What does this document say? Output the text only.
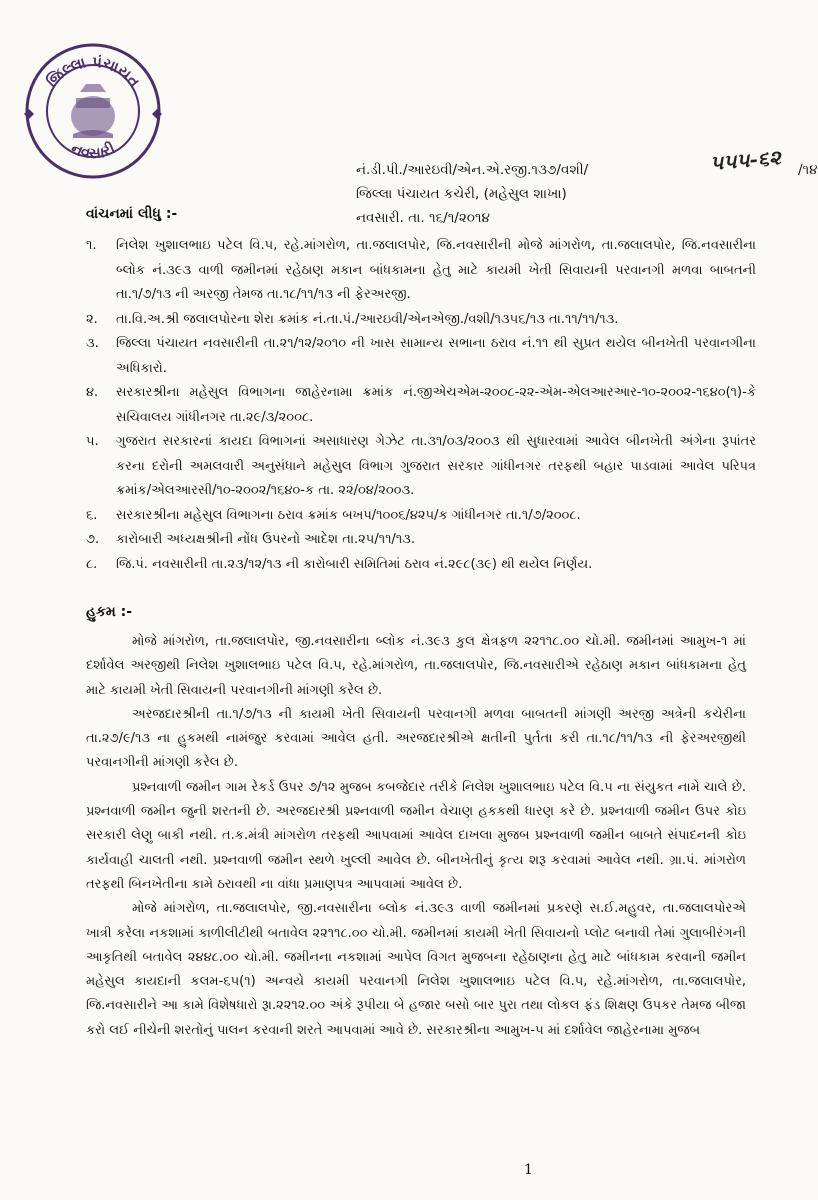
જિલ્લા પંચાયત
નવસારી
નં.ડી.પી./આરઇવી/એન.એ.રજી.૧૩૭/વશી/	૫૫૫-૬૨ /૧૪
જિલ્લા પંચાયત કચેરી, (મહેસુલ શાખા)
નવસારી. તા. ૧૬/૧/૨૦૧૪
વાંચનમાં લીધુ :-
૧.	નિલેશ ખુશાલભાઇ પટેલ વિ.૫, રહે.માંગરોળ, તા.જલાલપોર, જિ.નવસારીની મોજે માંગરોળ, તા.જલાલપોર, જિ.નવસારીના બ્લોક નં.૩૯૩ વાળી જમીનમાં રહેઠાણ મકાન બાંધકામના હેતુ માટે કાયમી ખેતી સિવાયની પરવાનગી મળવા બાબતની તા.૧/૭/૧૩ ની અરજી તેમજ તા.૧૮/૧૧/૧૩ ની ફેરઅરજી.
૨.	તા.વિ.અ.શ્રી જલાલપોરના શેરા ક્રમાંક નં.તા.પં./આરઇવી/એનએજી./વશી/૧૩૫૬/૧૩ તા.૧૧/૧૧/૧૩.
૩.	જિલ્લા પંચાયત નવસારીની તા.૨૧/૧૨/૨૦૧૦ ની ખાસ સામાન્ય સભાના ઠરાવ નં.૧૧ થી સુપ્રત થયેલ બીનખેતી પરવાનગીના અધિકારો.
૪.	સરકારશ્રીના મહેસુલ વિભાગના જાહેરનામા ક્રમાંક નં.જીએચએમ-૨૦૦૮-૨૨-એમ-એલઆરઆર-૧૦-૨૦૦૨-૧૬૪૦(૧)-કે સચિવાલય ગાંધીનગર તા.૨૯/૩/૨૦૦૮.
૫.	ગુજરાત સરકારનાં કાયદા વિભાગનાં અસાધારણ ગેઝેટ તા.૩૧/૦૩/૨૦૦૩ થી સુધારવામાં આવેલ બીનખેતી અંગેના રૂપાંતર કરના દરોની અમલવારી અનુસંધાને મહેસુલ વિભાગ ગુજરાત સરકાર ગાંધીનગર તરફથી બહાર પાડવામાં આવેલ પરિપત્ર ક્રમાંક/એલઆરસી/૧૦-૨૦૦૨/૧૬૪૦-ક તા. ૨૨/૦૪/૨૦૦૩.
૬.	સરકારશ્રીના મહેસુલ વિભાગના ઠરાવ ક્રમાંક બખપ/૧૦૦૬/૪૨૫/ક ગાંધીનગર તા.૧/૭/૨૦૦૮.
૭.	કારોબારી અધ્યક્ષશ્રીની નોંધ ઉપરનો આદેશ તા.૨૫/૧૧/૧૩.
૮.	જિ.પં. નવસારીની તા.૨૩/૧૨/૧૩ ની કારોબારી સમિતિમાં ઠરાવ નં.૨૯૮(૩૯) થી થયેલ નિર્ણય.
હુકમ :-

મોજે માંગરોળ, તા.જલાલપોર, જી.નવસારીના બ્લોક નં.૩૯૩ કુલ ક્ષેત્રફળ ૨૨૧૧૮.૦૦ ચો.મી. જમીનમાં આમુખ-૧ માં દર્શાવેલ અરજીથી નિલેશ ખુશાલભાઇ પટેલ વિ.૫, રહે.માંગરોળ, તા.જલાલપોર, જિ.નવસારીએ રહેઠાણ મકાન બાંધકામના હેતુ માટે કાયમી ખેતી સિવાયની પરવાનગીની માંગણી કરેલ છે.

અરજદારશ્રીની તા.૧/૭/૧૩ ની કાયમી ખેતી સિવાયની પરવાનગી મળવા બાબતની માંગણી અરજી અત્રેની કચેરીના તા.૨૭/૯/૧૩ ના હુકમથી નામંજુર કરવામાં આવેલ હતી. અરજદારશ્રીએ ક્ષતીની પુર્તતા કરી તા.૧૮/૧૧/૧૩ ની ફેરઅરજીથી પરવાનગીની માંગણી કરેલ છે.

પ્રશ્નવાળી જમીન ગામ રેકર્ડ ઉપર ૭/૧૨ મુજબ કબજેદાર તરીકે નિલેશ ખુશાલભાઇ પટેલ વિ.૫ ના સંયુકત નામે ચાલે છે. પ્રશ્નવાળી જમીન જુની શરતની છે. અરજદારશ્રી પ્રશ્નવાળી જમીન વેચાણ હકકથી ધારણ કરે છે. પ્રશ્નવાળી જમીન ઉપર કોઇ સરકારી લેણુ બાકી નથી. ત.ક.મંત્રી માંગરોળ તરફથી આપવામાં આવેલ દાખલા મુજબ પ્રશ્નવાળી જમીન બાબતે સંપાદનની કોઇ કાર્યવાહી ચાલતી નથી. પ્રશ્નવાળી જમીન સ્થળે ખુલ્લી આવેલ છે. બીનખેતીનું કૃત્ય શરૂ કરવામાં આવેલ નથી. ગ્રા.પં. માંગરોળ તરફથી બિનખેતીના કામે ઠરાવથી ના વાંધા પ્રમાણપત્ર આપવામાં આવેલ છે.

મોજે માંગરોળ, તા.જલાલપોર, જી.નવસારીના બ્લોક નં.૩૯૩ વાળી જમીનમાં પ્રકરણે સ.ઈ.મહુવર, તા.જલાલપોરએ ખાત્રી કરેલા નકશામાં કાળીલીટીથી બતાવેલ ૨૨૧૧૮.૦૦ ચો.મી. જમીનમાં કાયમી ખેતી સિવાયનો પ્લોટ બનાવી તેમાં ગુલાબીરંગની આકૃતિથી બતાવેલ ૨૪૪૮.૦૦ ચો.મી. જમીનના નકશામાં આપેલ વિગત મુજબના રહેઠાણના હેતુ માટે બાંધકામ કરવાની જમીન મહેસુલ કાયદાની કલમ-૬૫(૧) અન્વયે કાયમી પરવાનગી નિલેશ ખુશાલભાઇ પટેલ વિ.૫, રહે.માંગરોળ, તા.જલાલપોર, જિ.નવસારીને આ કામે વિશેષધારો રૂા.૨૨૧૨.૦૦ અંકે રૂપીયા બે હજાર બસો બાર પુરા તથા લોકલ ફંડ શિક્ષણ ઉપકર તેમજ બીજા કરો લઈ નીચેની શરતોનું પાલન કરવાની શરતે આપવામાં આવે છે. સરકારશ્રીના આમુખ-૫ માં દર્શાવેલ જાહેરનામા મુજબ

1
